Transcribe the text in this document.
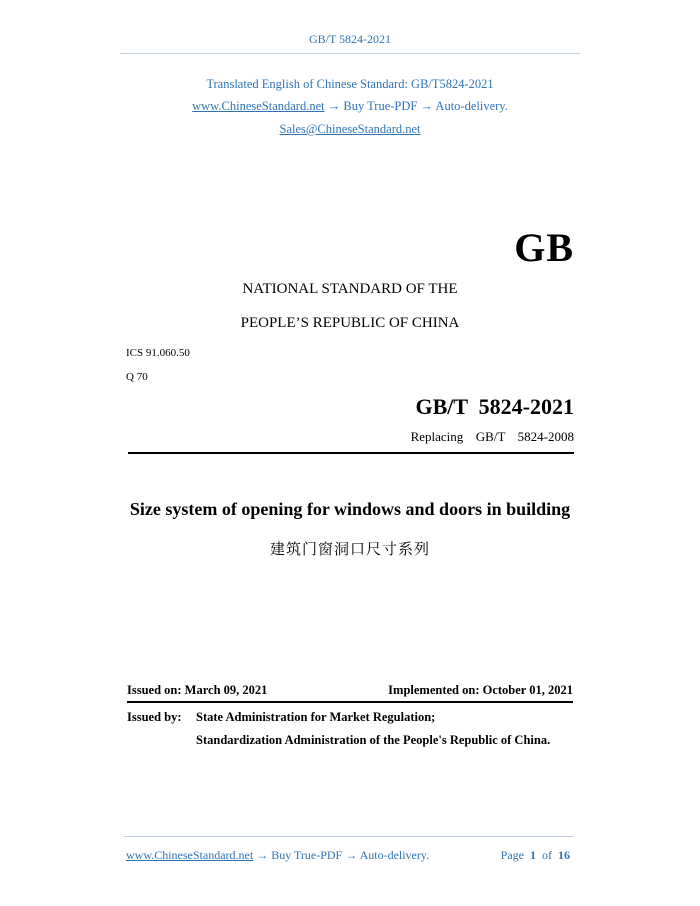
GB/T 5824-2021
Translated English of Chinese Standard: GB/T5824-2021
www.ChineseStandard.net → Buy True-PDF → Auto-delivery.
Sales@ChineseStandard.net
GB
NATIONAL STANDARD OF THE
PEOPLE’S REPUBLIC OF CHINA
ICS 91.060.50
Q 70
GB/T  5824-2021
Replacing  GB/T  5824-2008
Size system of opening for windows and doors in building
建筑门窗洞口尺寸系列
Issued on: March 09, 2021	Implemented on: October 01, 2021
Issued by: State Administration for Market Regulation;
Standardization Administration of the People's Republic of China.
www.ChineseStandard.net → Buy True-PDF → Auto-delivery.	Page 1 of 16
